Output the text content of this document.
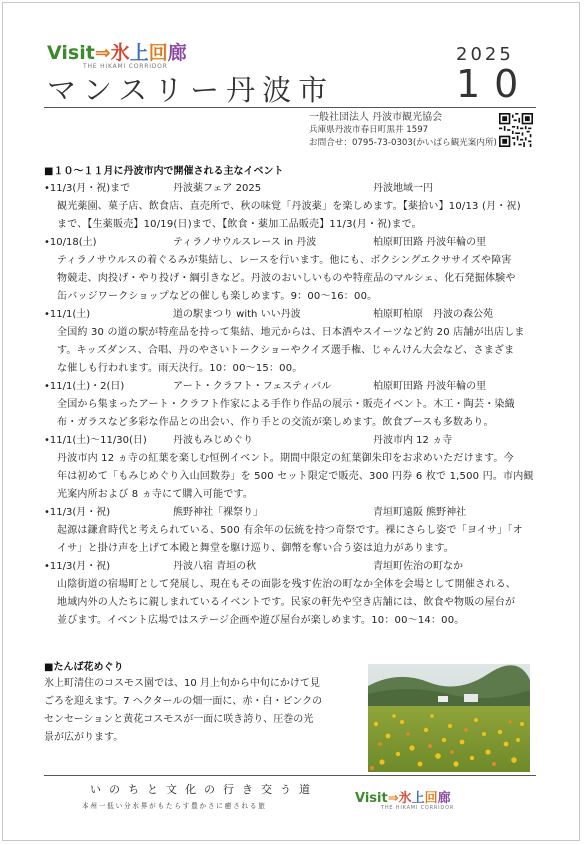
Visit⇒氷上回廊
THE HIKAMI CORRIDOR
2025
マンスリー丹波市	10
一般社団法人 丹波市観光協会
兵庫県丹波市春日町黒井 1597
お問合せ：0795-73-0303(かいばら観光案内所)
■１０～１１月に丹波市内で開催される主なイベント
•11/3(月・祝)まで	丹波薬フェア 2025	丹波地域一円
観光薬園、菓子店、飲食店、直売所で、秋の味覚「丹波薬」を楽しめます。【薬拾い】10/13 (月・祝)
まで、【生薬販売】10/19(日)まで、【飲食・薬加工品販売】11/3(月・祝)まで。
•10/18(土)	ティラノサウルスレース in 丹波	柏原町田路 丹波年輪の里
ティラノサウルスの着ぐるみが集結し、レースを行います。他にも、ボクシングエクササイズや障害
物競走、肉投げ・やり投げ・綱引きなど。丹波のおいしいものや特産品のマルシェ、化石発掘体験や
缶バッジワークショップなどの催しも楽しめます。9：00～16：00。
•11/1(土)	道の駅まつり with いい丹波	柏原町柏原　丹波の森公苑
全国約 30 の道の駅が特産品を持って集結、地元からは、日本酒やスイーツなど約 20 店舗が出店しま
す。キッズダンス、合唱、丹のやさいトークショーやクイズ選手権、じゃんけん大会など、さまざま
な催しも行われます。雨天決行。10：00～15：00。
•11/1(土)・2(日)	アート・クラフト・フェスティバル	柏原町田路 丹波年輪の里
全国から集まったアート・クラフト作家による手作り作品の展示・販売イベント。木工・陶芸・染織
布・ガラスなど多彩な作品との出会い、作り手との交流が楽しめます。飲食ブースも多数あり。
•11/1(土)～11/30(日)	丹波もみじめぐり	丹波市内 12 ヵ寺
丹波市内 12 ヵ寺の紅葉を楽しむ恒例イベント。期間中限定の紅葉御朱印をお求めいただけます。今
年は初めて「もみじめぐり入山回数券」を 500 セット限定で販売、300 円券 6 枚で 1,500 円。市内観
光案内所および 8 ヵ寺にて購入可能です。
•11/3(月・祝)	熊野神社「裸祭り」	青垣町遠阪 熊野神社
起源は鎌倉時代と考えられている、500 有余年の伝統を持つ奇祭です。裸にさらし姿で「ヨイサ」「オ
イサ」と掛け声を上げて本殿と舞堂を駆け巡り、御幣を奪い合う姿は迫力があります。
•11/3(月・祝)	丹波八宿 青垣の秋	青垣町佐治の町なか
山陰街道の宿場町として発展し、現在もその面影を残す佐治の町なか全体を会場として開催される、
地域内外の人たちに親しまれているイベントです。民家の軒先や空き店舗には、飲食や物販の屋台が
並びます。イベント広場ではステージ企画や遊び屋台が楽しめます。10：00～14：00。
■たんば花めぐり
氷上町清住のコスモス園では、10 月上旬から中旬にかけて見
ごろを迎えます。7 ヘクタールの畑一面に、赤・白・ピンクの
センセーションと黄花コスモスが一面に咲き誇り、圧巻の光
景が広がります。
いのちと文化の行き交う道
本州一低い分水界がもたらす豊かさに癒される旅	Visit⇒氷上回廊
THE HIKAMI CORRIDOR
